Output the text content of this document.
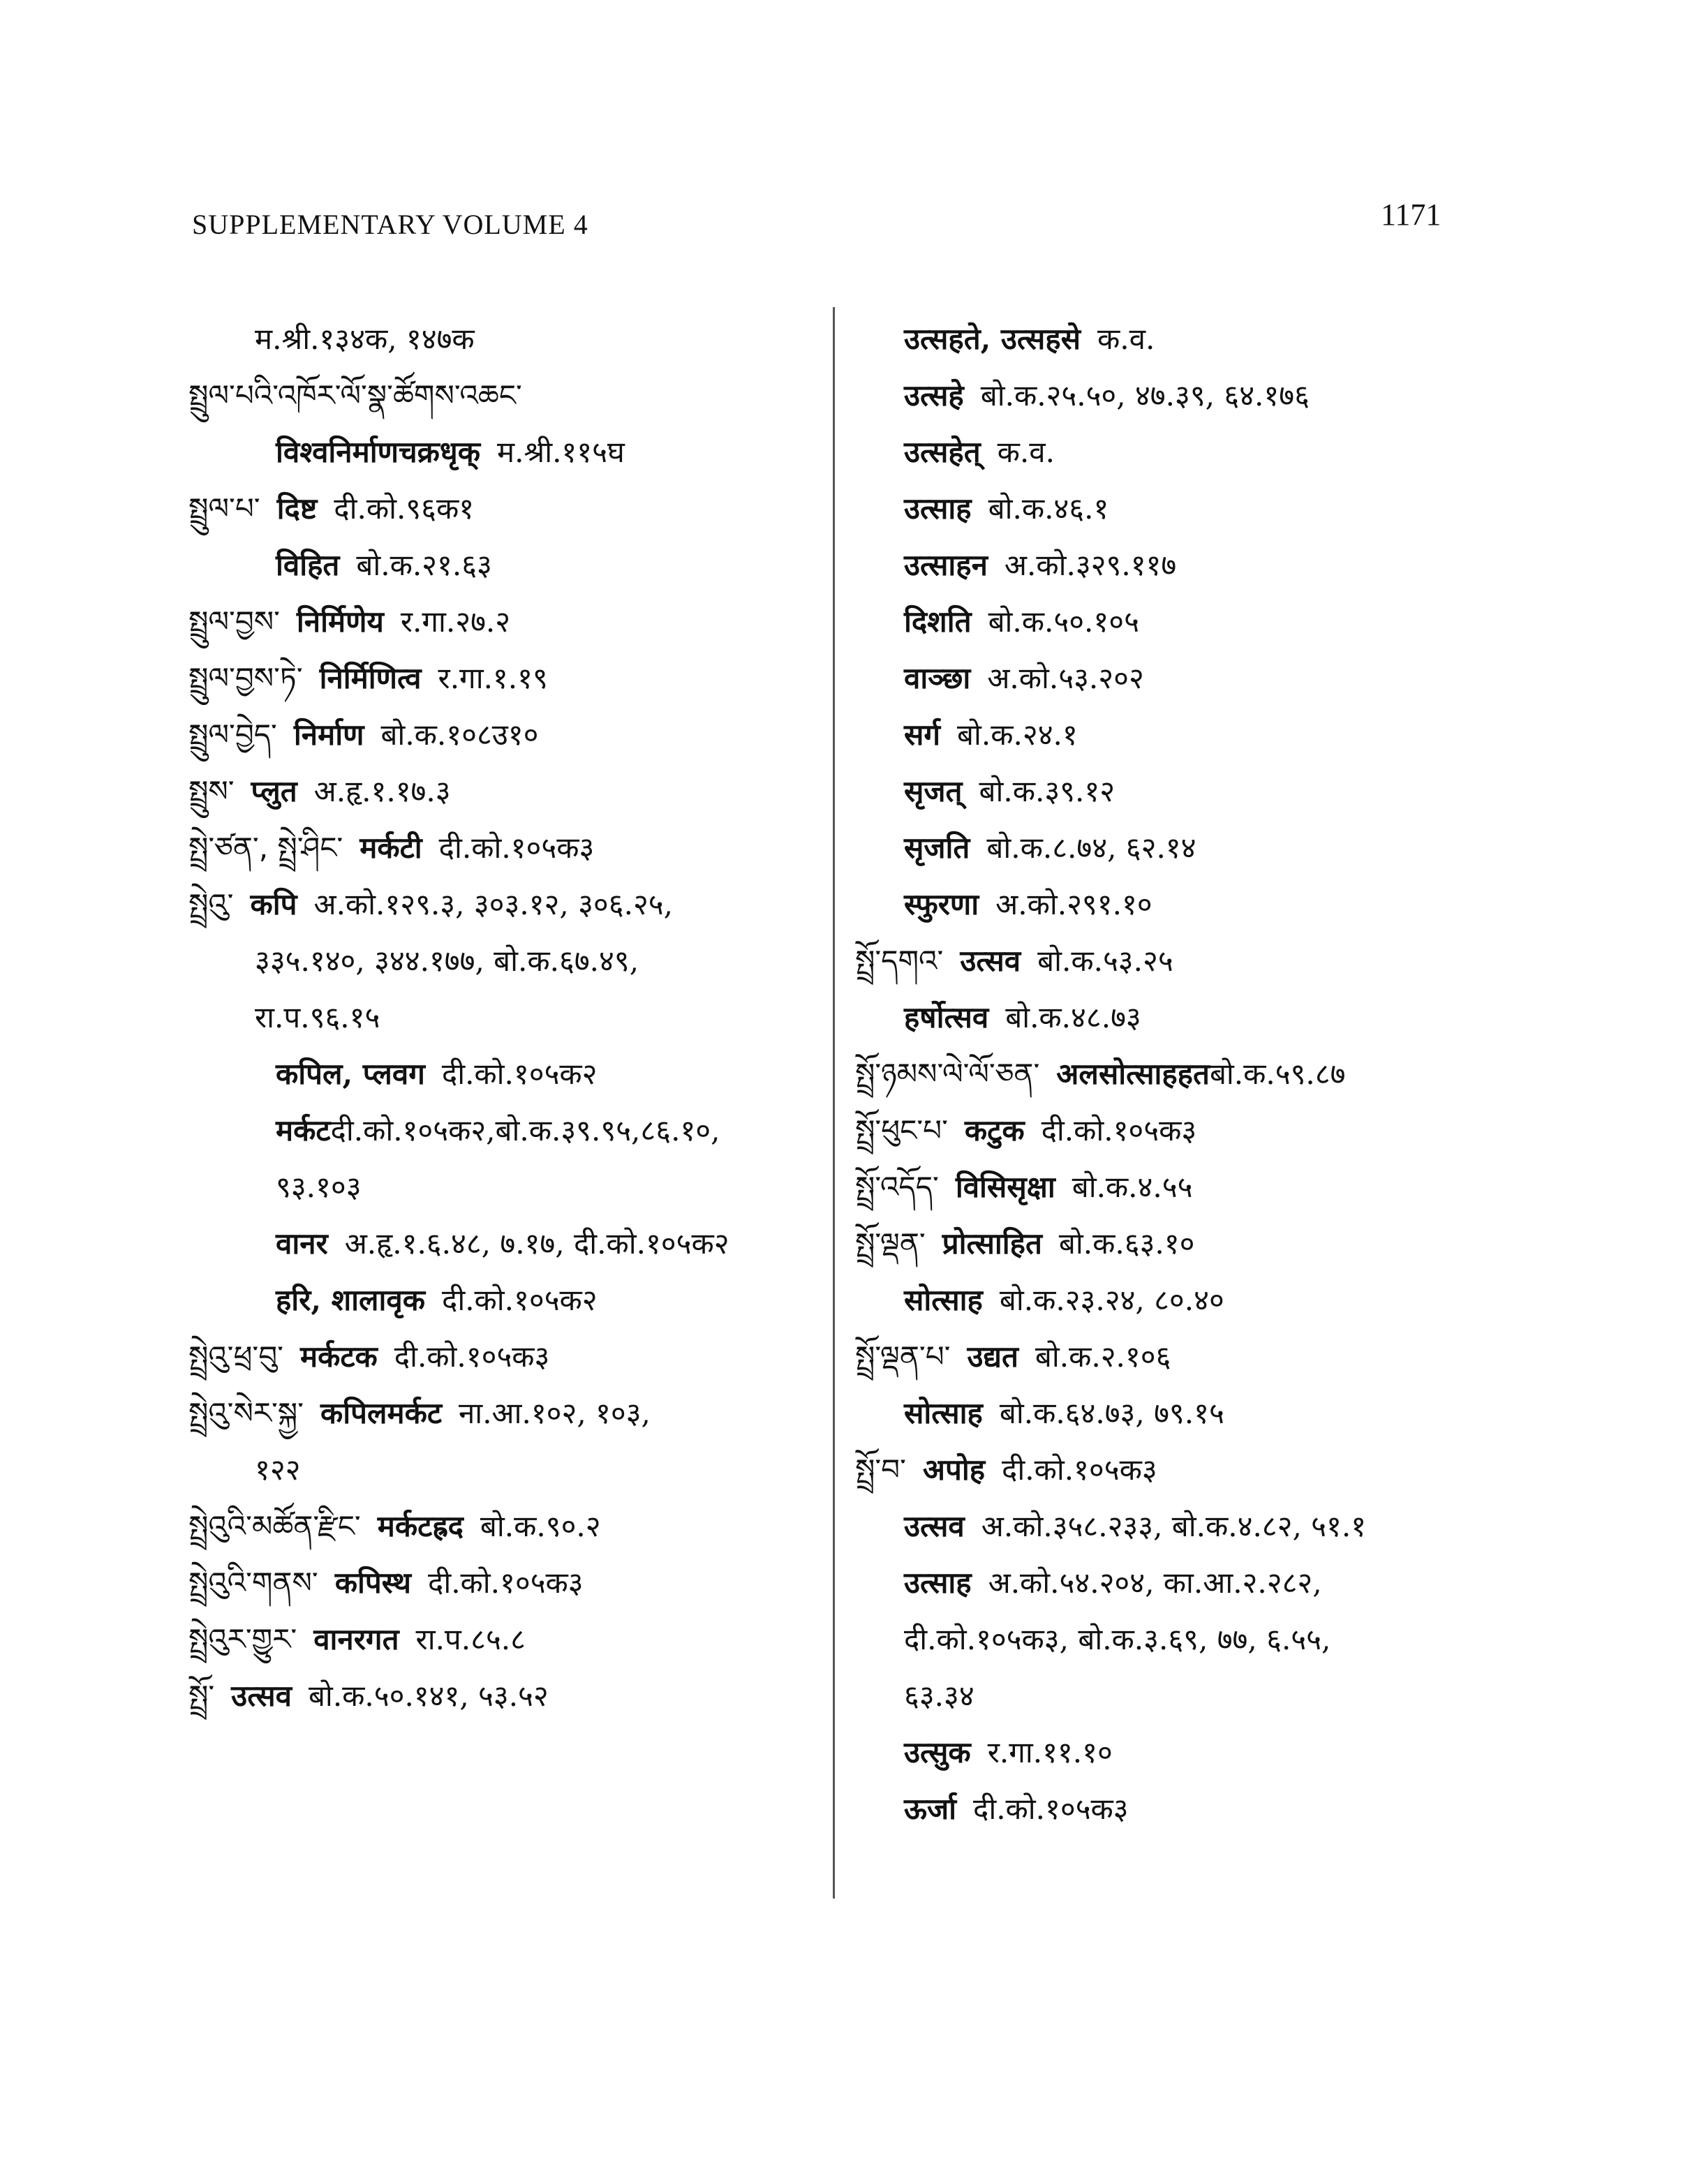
SUPPLEMENTARY VOLUME 4	1171
म.श्री.१३४क, १४७क
སྤྲུལ་པའི་འཁོར་ལོ་སྣ་ཚོགས་འཆང་
विश्वनिर्माणचक्रधृक् म.श्री.११५घ
སྤྲུལ་པ་ दिष्ट दी.को.९६क१
विहित बो.क.२१.६३
སྤྲུལ་བྱས་ निर्मिणेय र.गा.२७.२
སྤྲུལ་བྱས་ཏེ་ निर्मिणित्व र.गा.१.१९
སྤྲུལ་བྱེད་ निर्माण बो.क.१०८उ१०
སྤྲུས་ प्लुत अ.हृ.१.१७.३
སྤྲེ་ཙན་, སྤྲེ་ཤིང་ मर्कटी दी.को.१०५क३
སྤྲེའུ་ कपि अ.को.१२९.३, ३०३.१२, ३०६.२५,
३३५.१४०, ३४४.१७७, बो.क.६७.४९,
रा.प.९६.१५
कपिल, प्लवग दी.को.१०५क२
मर्कटदी.को.१०५क२,बो.क.३९.९५,८६.१०,
९३.१०३
वानर अ.हृ.१.६.४८, ७.१७, दी.को.१०५क२
हरि, शालावृक दी.को.१०५क२
སྤྲེའུ་ཕྲ་བུ་ मर्कटक दी.को.१०५क३
སྤྲེའུ་སེར་སྐྱ་ कपिलमर्कट ना.आ.१०२, १०३,
१२२
སྤྲེའུའི་མཚོན་རྫིང་ मर्कटह्रद बो.क.९०.२
སྤྲེའུའི་གནས་ कपिस्थ दी.को.१०५क३
སྤྲེའུར་གྱུར་ वानरगत रा.प.८५.८
སྤྲོ་ उत्सव बो.क.५०.१४१, ५३.५२
उत्सहते, उत्सहसे क.व.
उत्सहे बो.क.२५.५०, ४७.३९, ६४.१७६
उत्सहेत् क.व.
उत्साह बो.क.४६.१
उत्साहन अ.को.३२९.११७
दिशति बो.क.५०.१०५
वाञ्छा अ.को.५३.२०२
सर्ग बो.क.२४.१
सृजत् बो.क.३९.१२
सृजति बो.क.८.७४, ६२.१४
स्फुरणा अ.को.२९१.१०
སྤྲོ་དགའ་ उत्सव बो.क.५३.२५
हर्षोत्सव बो.क.४८.७३
སྤྲོ་ཉམས་ལེ་ལོ་ཅན་ अलसोत्साहहतबो.क.५९.८७
སྤྲོ་ཕུང་པ་ कटुक दी.को.१०५क३
སྤྲོ་འདོད་ विसिसृक्षा बो.क.४.५५
སྤྲོ་ལྡན་ प्रोत्साहित बो.क.६३.१०
सोत्साह बो.क.२३.२४, ८०.४०
སྤྲོ་ལྡན་པ་ उद्यत बो.क.२.१०६
सोत्साह बो.क.६४.७३, ७९.१५
སྤྲོ་བ་ अपोह दी.को.१०५क३
उत्सव अ.को.३५८.२३३, बो.क.४.८२, ५१.१
उत्साह अ.को.५४.२०४, का.आ.२.२८२,
दी.को.१०५क३, बो.क.३.६९, ७७, ६.५५,
६३.३४
उत्सुक र.गा.११.१०
ऊर्जा दी.को.१०५क३
